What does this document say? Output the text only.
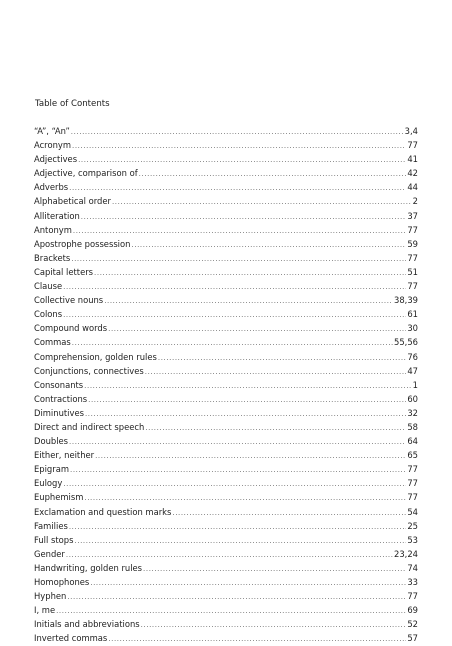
Table of Contents
“A”, “An” .....	3,4
Acronym .....	77
Adjectives .....	41
Adjective, comparison of .....	42
Adverbs .....	44
Alphabetical order .....	2
Alliteration .....	37
Antonym .....	77
Apostrophe possession .....	59
Brackets .....	77
Capital letters .....	51
Clause .....	77
Collective nouns .....	38,39
Colons .....	61
Compound words .....	30
Commas .....	55,56
Comprehension, golden rules .....	76
Conjunctions, connectives .....	47
Consonants .....	1
Contractions .....	60
Diminutives .....	32
Direct and indirect speech .....	58
Doubles .....	64
Either, neither .....	65
Epigram .....	77
Eulogy .....	77
Euphemism .....	77
Exclamation and question marks .....	54
Families .....	25
Full stops .....	53
Gender .....	23,24
Handwriting, golden rules .....	74
Homophones .....	33
Hyphen .....	77
I, me .....	69
Initials and abbreviations .....	52
Inverted commas .....	57
